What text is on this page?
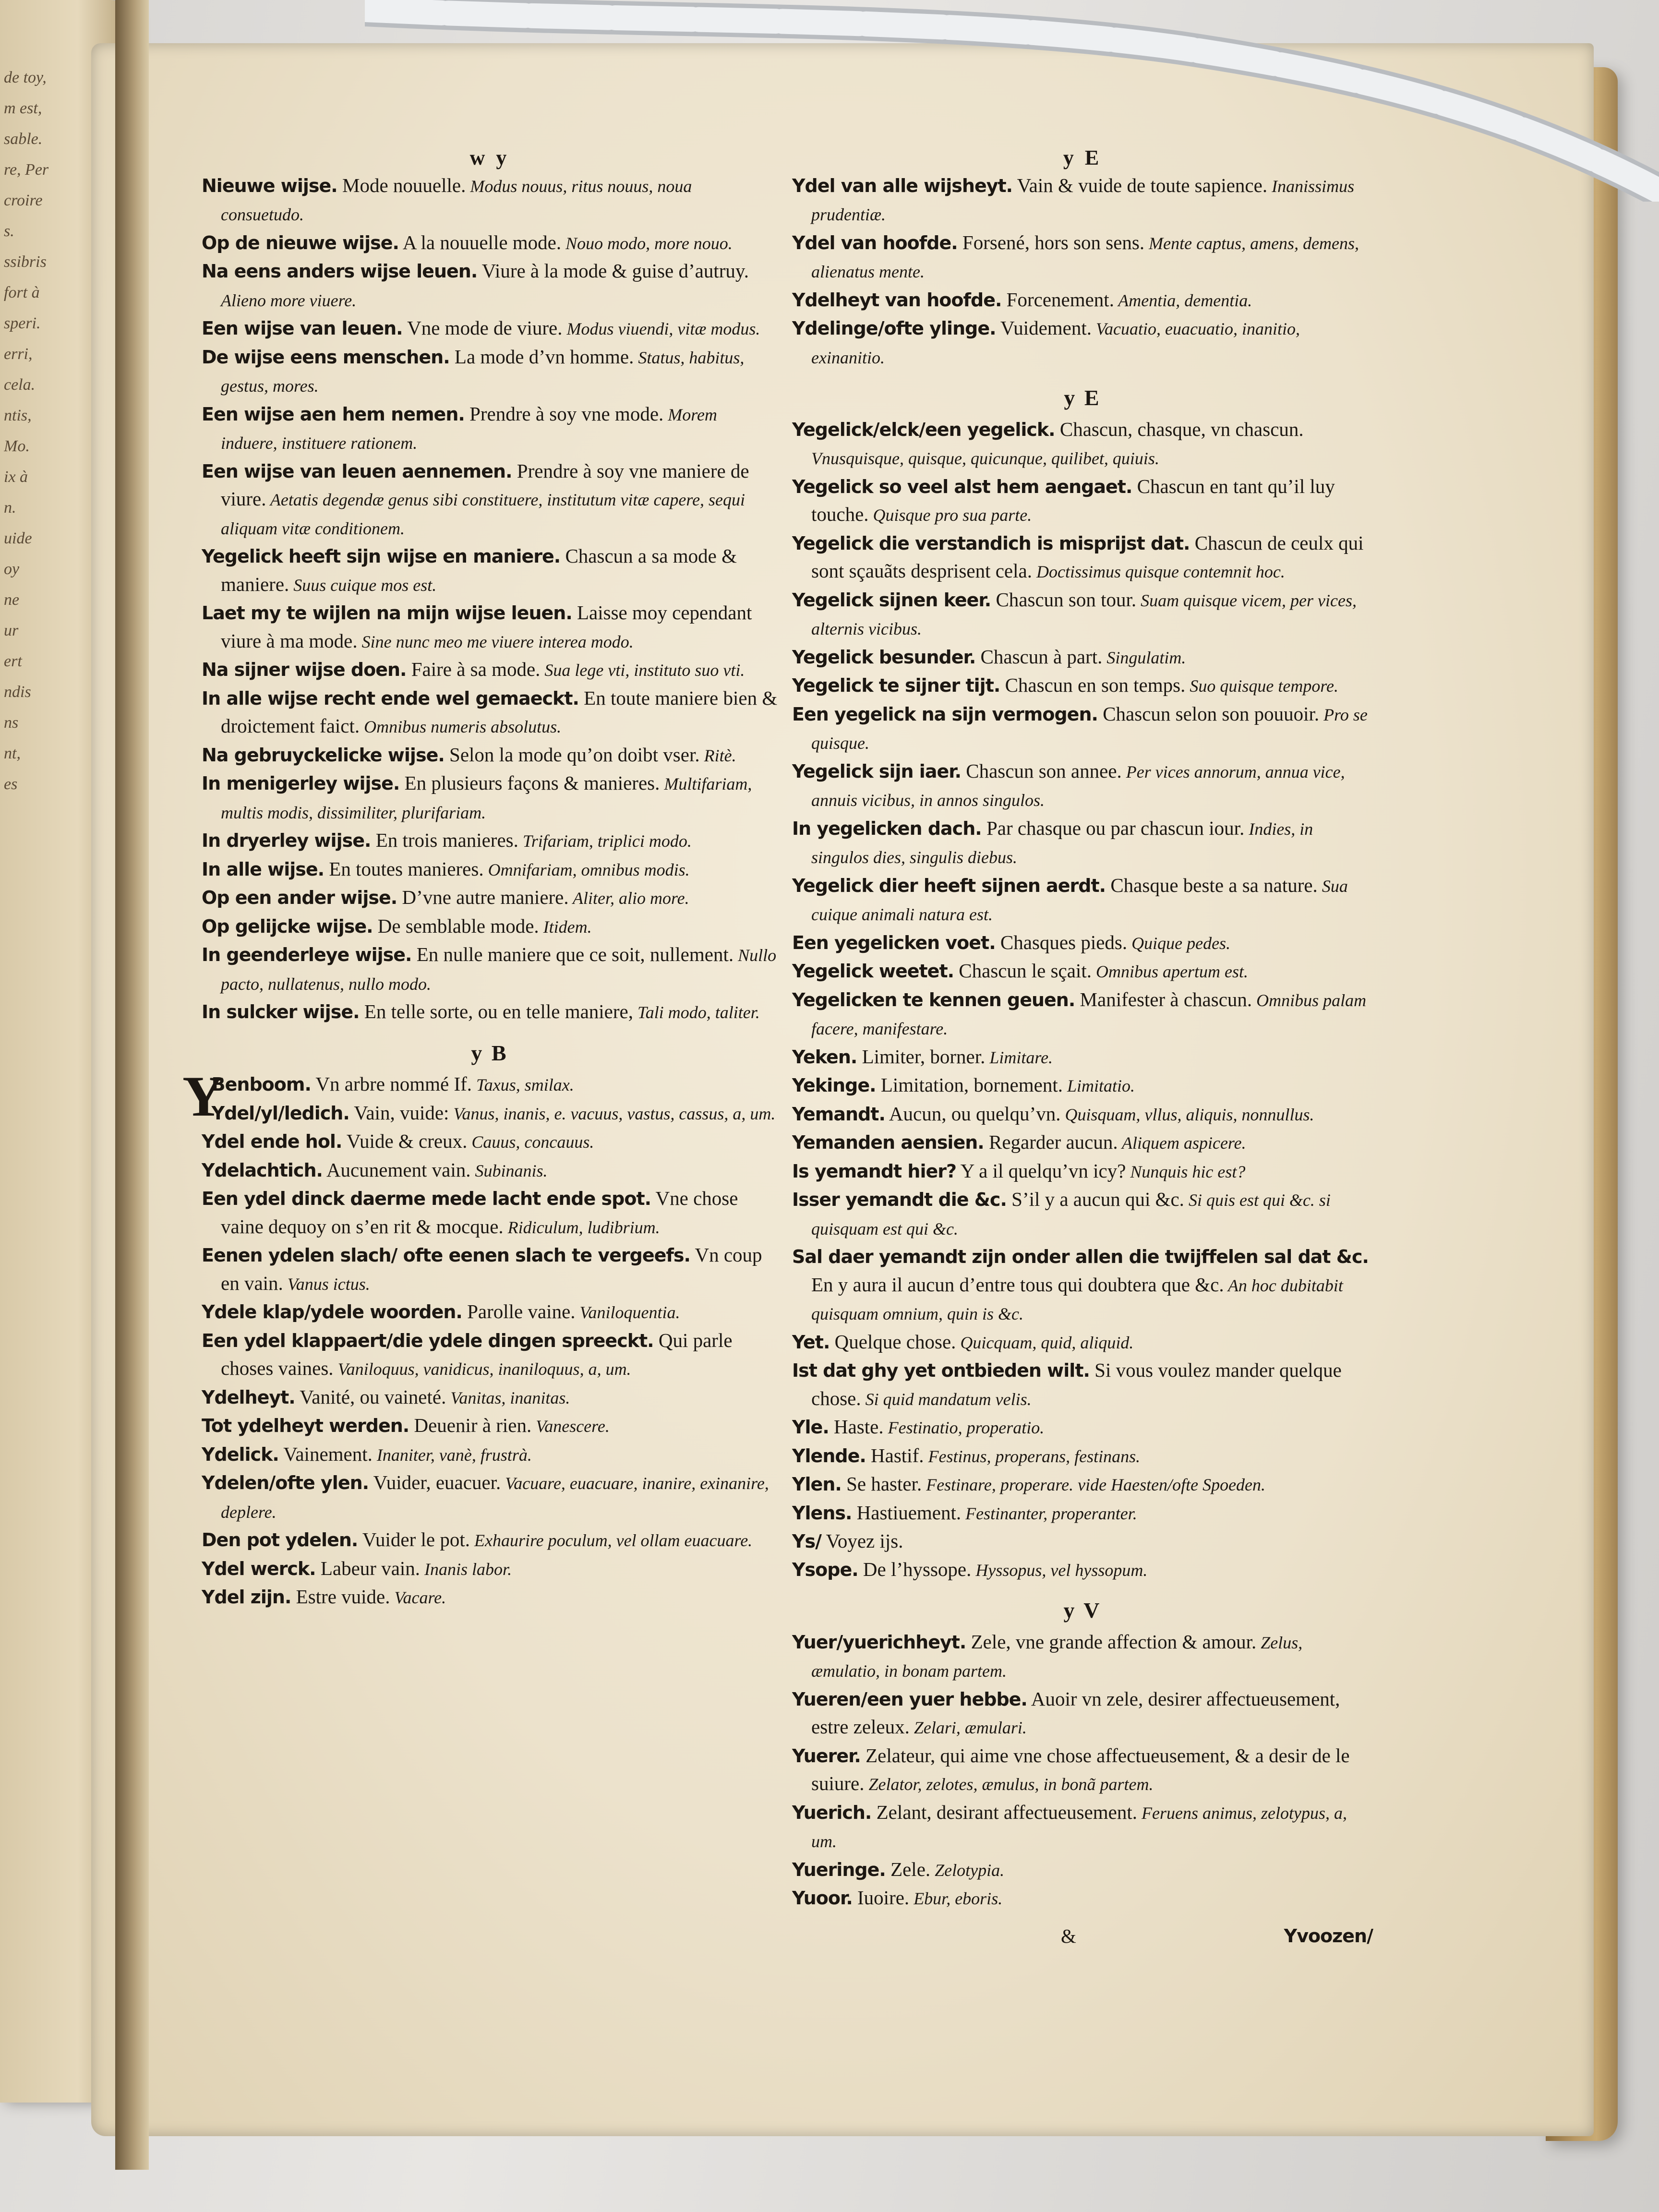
de toy,
m est,
sable.
re, Per
croire
s.
ssibris
fort à
speri.
erri,
cela.
ntis,
Mo.
ix à
n.
uide
oy
ne
ur
ert
ndis
ns
nt,
es
w y

Nieuwe wijse. Mode nouuelle. Modus nouus, ritus nouus, noua consuetudo.

Op de nieuwe wijse. A la nouuelle mode. Nouo modo, more nouo.

Na eens anders wijse leuen. Viure à la mode & guise d’autruy. Alieno more viuere.

Een wijse van leuen. Vne mode de viure. Modus viuendi, vitæ modus.

De wijse eens menschen. La mode d’vn homme. Status, habitus, gestus, mores.

Een wijse aen hem nemen. Prendre à soy vne mode. Morem induere, instituere rationem.

Een wijse van leuen aennemen. Prendre à soy vne maniere de viure. Aetatis degendæ genus sibi constituere, institutum vitæ capere, sequi aliquam vitæ conditionem.

Yegelick heeft sijn wijse en maniere. Chascun a sa mode & maniere. Suus cuique mos est.

Laet my te wijlen na mijn wijse leuen. Laisse moy cependant viure à ma mode. Sine nunc meo me viuere interea modo.

Na sijner wijse doen. Faire à sa mode. Sua lege vti, instituto suo vti.

In alle wijse recht ende wel gemaeckt. En toute maniere bien & droictement faict. Omnibus numeris absolutus.

Na gebruyckelicke wijse. Selon la mode qu’on doibt vser. Ritè.

In menigerley wijse. En plusieurs façons & manieres. Multifariam, multis modis, dissimiliter, plurifariam.

In dryerley wijse. En trois manieres. Trifariam, triplici modo.

In alle wijse. En toutes manieres. Omnifariam, omnibus modis.

Op een ander wijse. D’vne autre maniere. Aliter, alio more.

Op gelijcke wijse. De semblable mode. Itidem.

In geenderleye wijse. En nulle maniere que ce soit, nullement. Nullo pacto, nullatenus, nullo modo.

In sulcker wijse. En telle sorte, ou en telle maniere, Tali modo, taliter.

y B
Y

Benboom. Vn arbre nommé If. Taxus, smilax.

Ydel/yl/ledich. Vain, vuide: Vanus, inanis, e. vacuus, vastus, cassus, a, um.

Ydel ende hol. Vuide & creux. Cauus, concauus.

Ydelachtich. Aucunement vain. Subinanis.

Een ydel dinck daerme mede lacht ende spot. Vne chose vaine dequoy on s’en rit & mocque. Ridiculum, ludibrium.

Eenen ydelen slach/ ofte eenen slach te vergeefs. Vn coup en vain. Vanus ictus.

Ydele klap/ydele woorden. Parolle vaine. Vaniloquentia.

Een ydel klappaert/die ydele dingen spreeckt. Qui parle choses vaines. Vaniloquus, vanidicus, inaniloquus, a, um.

Ydelheyt. Vanité, ou vaineté. Vanitas, inanitas.

Tot ydelheyt werden. Deuenir à rien. Vanescere.

Ydelick. Vainement. Inaniter, vanè, frustrà.

Ydelen/ofte ylen. Vuider, euacuer. Vacuare, euacuare, inanire, exinanire, deplere.

Den pot ydelen. Vuider le pot. Exhaurire poculum, vel ollam euacuare.

Ydel werck. Labeur vain. Inanis labor.

Ydel zijn. Estre vuide. Vacare.

y E

Ydel van alle wijsheyt. Vain & vuide de toute sapience. Inanissimus prudentiæ.

Ydel van hoofde. Forsené, hors son sens. Mente captus, amens, demens, alienatus mente.

Ydelheyt van hoofde. Forcenement. Amentia, dementia.

Ydelinge/ofte ylinge. Vuidement. Vacuatio, euacuatio, inanitio, exinanitio.

y E

Yegelick/elck/een yegelick. Chascun, chasque, vn chascun. Vnusquisque, quisque, quicunque, quilibet, quiuis.

Yegelick so veel alst hem aengaet. Chascun en tant qu’il luy touche. Quisque pro sua parte.

Yegelick die verstandich is misprijst dat. Chascun de ceulx qui sont sçauãts desprisent cela. Doctissimus quisque contemnit hoc.

Yegelick sijnen keer. Chascun son tour. Suam quisque vicem, per vices, alternis vicibus.

Yegelick besunder. Chascun à part. Singulatim.

Yegelick te sijner tijt. Chascun en son temps. Suo quisque tempore.

Een yegelick na sijn vermogen. Chascun selon son pouuoir. Pro se quisque.

Yegelick sijn iaer. Chascun son annee. Per vices annorum, annua vice, annuis vicibus, in annos singulos.

In yegelicken dach. Par chasque ou par chascun iour. Indies, in singulos dies, singulis diebus.

Yegelick dier heeft sijnen aerdt. Chasque beste a sa nature. Sua cuique animali natura est.

Een yegelicken voet. Chasques pieds. Quique pedes.

Yegelick weetet. Chascun le sçait. Omnibus apertum est.

Yegelicken te kennen geuen. Manifester à chascun. Omnibus palam facere, manifestare.

Yeken. Limiter, borner. Limitare.

Yekinge. Limitation, bornement. Limitatio.

Yemandt. Aucun, ou quelqu’vn. Quisquam, vllus, aliquis, nonnullus.

Yemanden aensien. Regarder aucun. Aliquem aspicere.

Is yemandt hier? Y a il quelqu’vn icy? Nunquis hic est?

Isser yemandt die &c. S’il y a aucun qui &c. Si quis est qui &c. si quisquam est qui &c.

Sal daer yemandt zijn onder allen die twijffelen sal dat &c. En y aura il aucun d’entre tous qui doubtera que &c. An hoc dubitabit quisquam omnium, quin is &c.

Yet. Quelque chose. Quicquam, quid, aliquid.

Ist dat ghy yet ontbieden wilt. Si vous voulez mander quelque chose. Si quid mandatum velis.

Yle. Haste. Festinatio, properatio.

Ylende. Hastif. Festinus, properans, festinans.

Ylen. Se haster. Festinare, properare. vide Haesten/ofte Spoeden.

Ylens. Hastiuement. Festinanter, properanter.

Ys/ Voyez ijs.

Ysope. De l’hyssope. Hyssopus, vel hyssopum.

y V

Yuer/yuerichheyt. Zele, vne grande affection & amour. Zelus, æmulatio, in bonam partem.

Yueren/een yuer hebbe. Auoir vn zele, desirer affectueusement, estre zeleux. Zelari, æmulari.

Yuerer. Zelateur, qui aime vne chose affectueusement, & a desir de le suiure. Zelator, zelotes, æmulus, in bonã partem.

Yuerich. Zelant, desirant affectueusement. Feruens animus, zelotypus, a, um.

Yueringe. Zele. Zelotypia.

Yuoor. Iuoire. Ebur, eboris.

&	Yvoozen/
